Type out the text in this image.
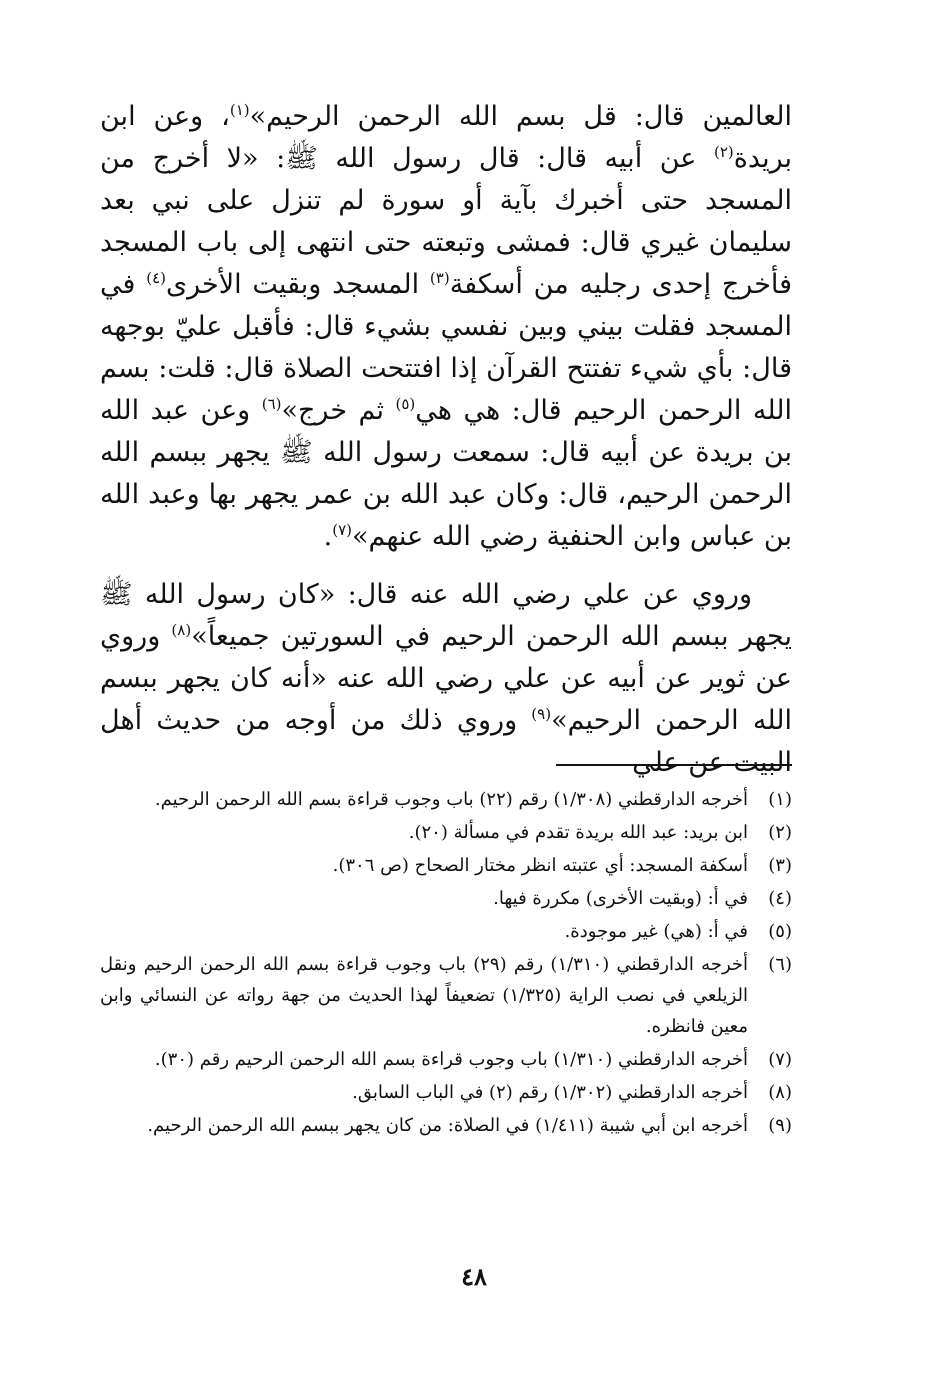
العالمين قال: قل بسم الله الرحمن الرحيم»$^{(١)}$، وعن ابن بريدة$^{(٢)}$ عن أبيه قال: قال رسول الله ﷺ: «لا أخرج من المسجد حتى أخبرك بآية أو سورة لم تنزل على نبي بعد سليمان غيري قال: فمشى وتبعته حتى انتهى إلى باب المسجد فأخرج إحدى رجليه من أسكفة$^{(٣)}$ المسجد وبقيت الأخرى$^{(٤)}$ في المسجد فقلت بيني وبين نفسي بشيء قال: فأقبل عليّ بوجهه قال: بأي شيء تفتتح القرآن إذا افتتحت الصلاة قال: قلت: بسم الله الرحمن الرحيم قال: هي هي$^{(٥)}$ ثم خرج»$^{(٦)}$ وعن عبد الله بن بريدة عن أبيه قال: سمعت رسول الله ﷺ يجهر ببسم الله الرحمن الرحيم، قال: وكان عبد الله بن عمر يجهر بها وعبد الله بن عباس وابن الحنفية رضي الله عنهم»$^{(٧)}$.

وروي عن علي رضي الله عنه قال: «كان رسول الله ﷺ يجهر ببسم الله الرحمن الرحيم في السورتين جميعاً»$^{(٨)}$ وروي عن ثوير عن أبيه عن علي رضي الله عنه «أنه كان يجهر ببسم الله الرحمن الرحيم»$^{(٩)}$ وروي ذلك من أوجه من حديث أهل البيت عن علي

(١)
أخرجه الدارقطني (١/٣٠٨) رقم (٢٢) باب وجوب قراءة بسم الله الرحمن الرحيم.
(٢)
ابن بريد: عبد الله بريدة تقدم في مسألة (٢٠).
(٣)
أسكفة المسجد: أي عتبته انظر مختار الصحاح (ص ٣٠٦).
(٤)
في أ: (وبقيت الأخرى) مكررة فيها.
(٥)
في أ: (هي) غير موجودة.
(٦)
أخرجه الدارقطني (١/٣١٠) رقم (٢٩) باب وجوب قراءة بسم الله الرحمن الرحيم ونقل الزيلعي في نصب الراية (١/٣٢٥) تضعيفاً لهذا الحديث من جهة رواته عن النسائي وابن معين فانظره.
(٧)
أخرجه الدارقطني (١/٣١٠) باب وجوب قراءة بسم الله الرحمن الرحيم رقم (٣٠).
(٨)
أخرجه الدارقطني (١/٣٠٢) رقم (٢) في الباب السابق.
(٩)
أخرجه ابن أبي شيبة (١/٤١١) في الصلاة: من كان يجهر ببسم الله الرحمن الرحيم.
٤٨
